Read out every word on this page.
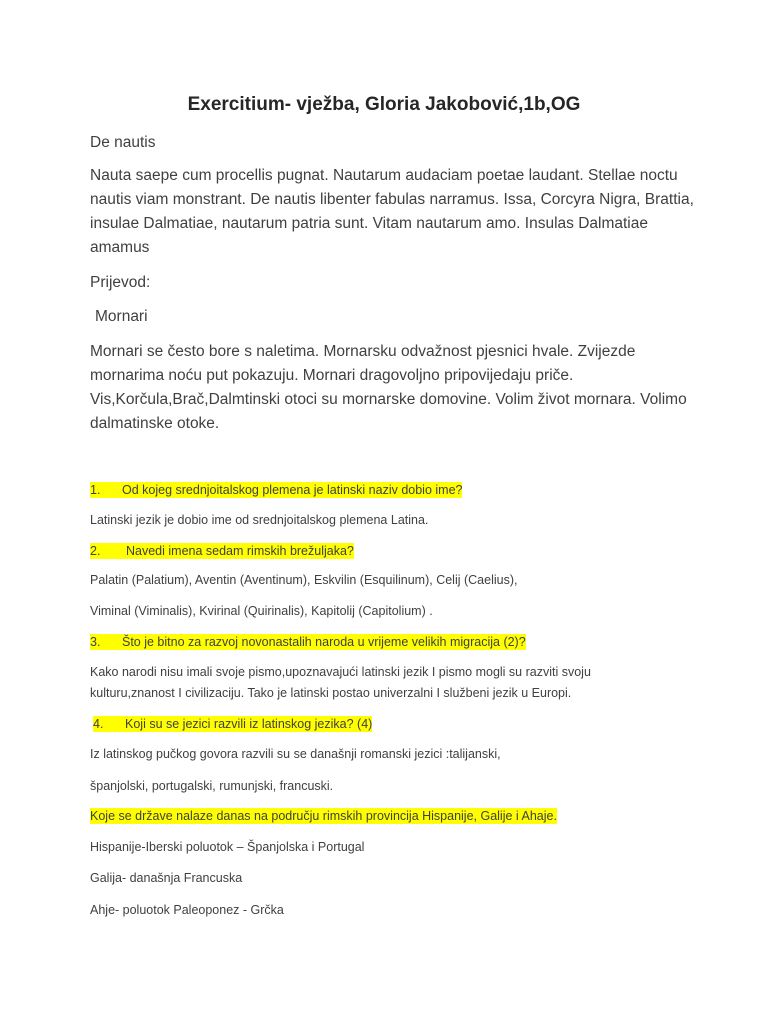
Exercitium- vježba, Gloria Jakobović,1b,OG

De nautis

Nauta saepe cum procellis pugnat. Nautarum audaciam poetae laudant. Stellae noctu nautis viam monstrant. De nautis libenter fabulas narramus. Issa, Corcyra Nigra, Brattia, insulae Dalmatiae, nautarum patria sunt. Vitam nautarum amo. Insulas Dalmatiae amamus

Prijevod:

Mornari

Mornari se često bore s naletima. Mornarsku odvažnost pjesnici hvale. Zvijezde mornarima noću put pokazuju. Mornari dragovoljno pripovijedaju priče. Vis,Korčula,Brač,Dalmtinski otoci su mornarske domovine. Volim život mornara. Volimo dalmatinske otoke.

1. Od kojeg srednjoitalskog plemena je latinski naziv dobio ime?

Latinski jezik je dobio ime od srednjoitalskog plemena Latina.

2. Navedi imena sedam rimskih brežuljaka?

Palatin (Palatium), Aventin (Aventinum), Eskvilin (Esquilinum), Celij (Caelius),

Viminal (Viminalis), Kvirinal (Quirinalis), Kapitolij (Capitolium) .

3. Što je bitno za razvoj novonastalih naroda u vrijeme velikih migracija (2)?

Kako narodi nisu imali svoje pismo,upoznavajući latinski jezik I pismo mogli su razviti svoju

kulturu,znanost I civilizaciju. Tako je latinski postao univerzalni I službeni jezik u Europi.

4. Koji su se jezici razvili iz latinskog jezika? (4)

Iz latinskog pučkog govora razvili su se današnji romanski jezici :talijanski,

španjolski, portugalski, rumunjski, francuski.

Koje se države nalaze danas na području rimskih provincija Hispanije, Galije i Ahaje.

Hispanije-Iberski poluotok – Španjolska i Portugal

Galija- današnja Francuska

Ahje- poluotok Paleoponez - Grčka
